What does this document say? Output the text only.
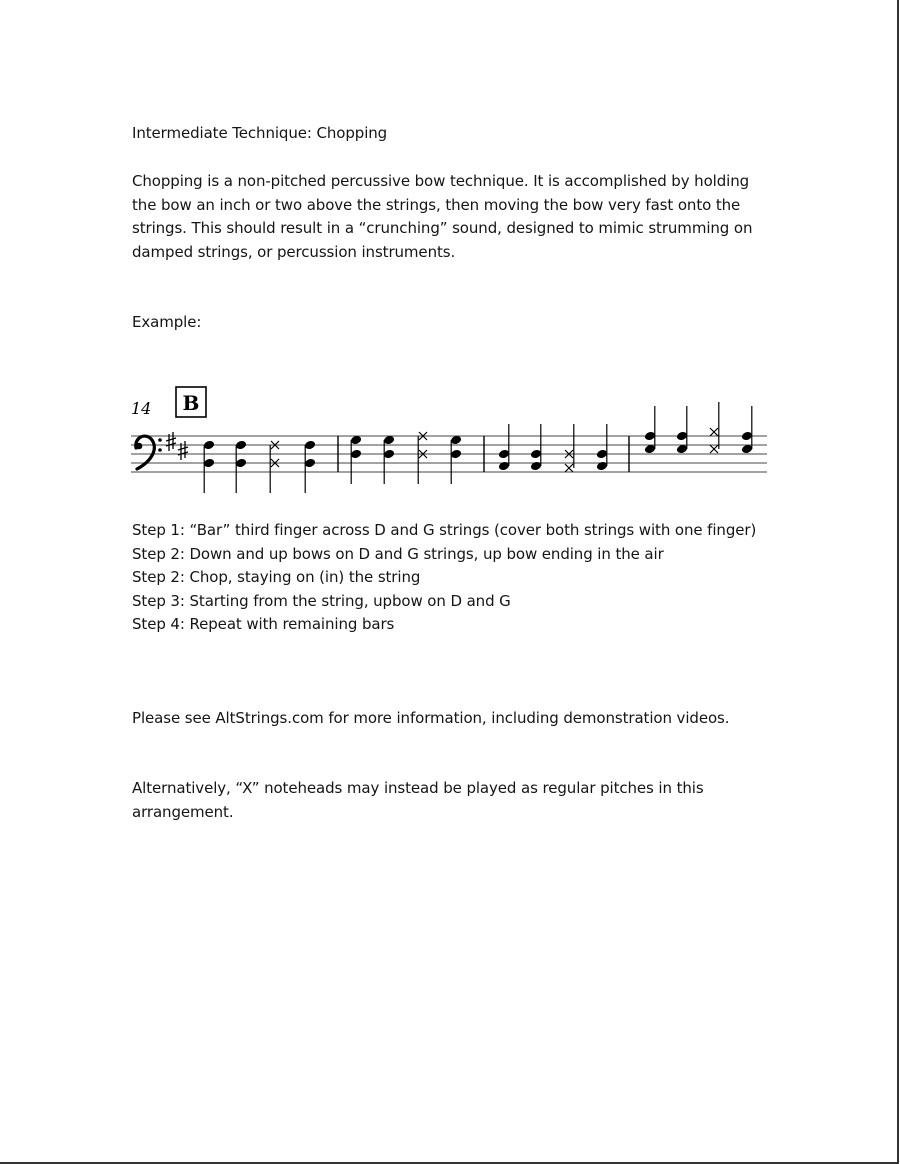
Intermediate Technique: Chopping

Chopping is a non-pitched percussive bow technique. It is accomplished by holding the bow an inch or two above the strings, then moving the bow very fast onto the strings. This should result in a “crunching” sound, designed to mimic strumming on damped strings, or percussion instruments.

Example:

14 B
Step 1: “Bar” third finger across D and G strings (cover both strings with one finger)
Step 2: Down and up bows on D and G strings, up bow ending in the air
Step 2: Chop, staying on (in) the string
Step 3: Starting from the string, upbow on D and G
Step 4: Repeat with remaining bars

Please see AltStrings.com for more information, including demonstration videos.

Alternatively, “X” noteheads may instead be played as regular pitches in this arrangement.
